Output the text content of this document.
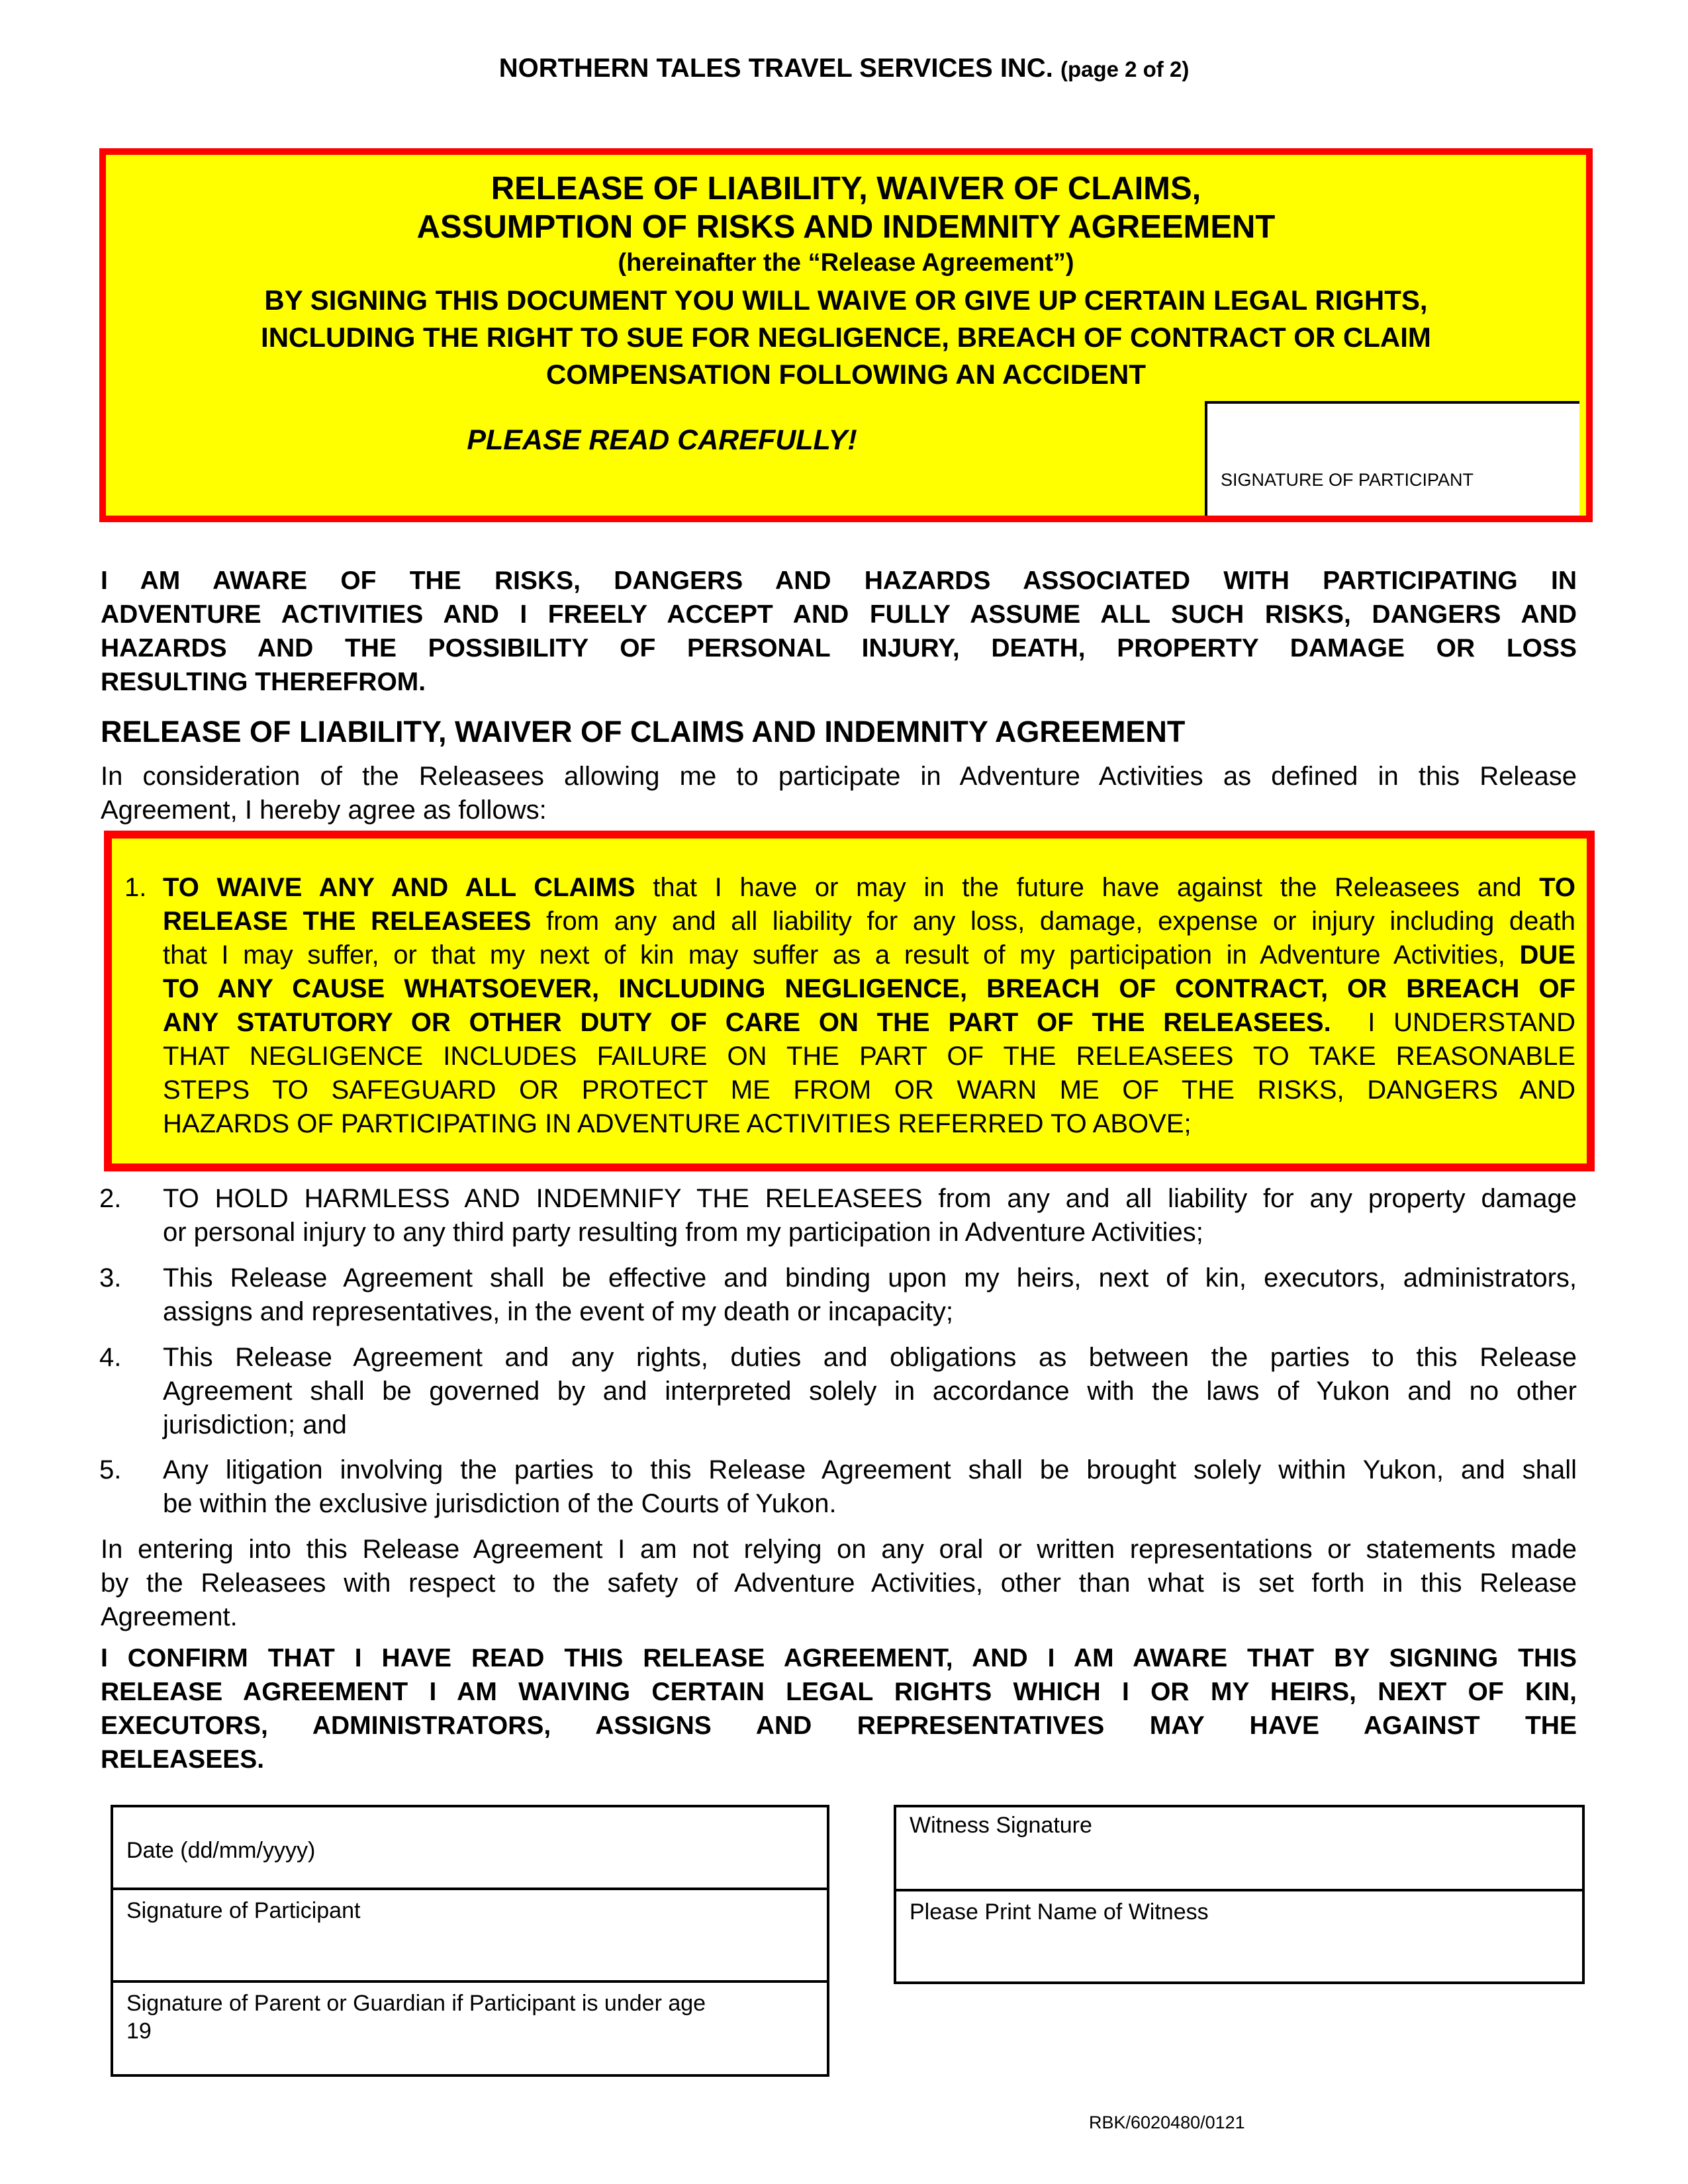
NORTHERN TALES TRAVEL SERVICES INC. (page 2 of 2)
RELEASE OF LIABILITY, WAIVER OF CLAIMS,
ASSUMPTION OF RISKS AND INDEMNITY AGREEMENT
(hereinafter the “Release Agreement”)
BY SIGNING THIS DOCUMENT YOU WILL WAIVE OR GIVE UP CERTAIN LEGAL RIGHTS,
INCLUDING THE RIGHT TO SUE FOR NEGLIGENCE, BREACH OF CONTRACT OR CLAIM
COMPENSATION FOLLOWING AN ACCIDENT
PLEASE READ CAREFULLY!
SIGNATURE OF PARTICIPANT
I AM AWARE OF THE RISKS, DANGERS AND HAZARDS ASSOCIATED WITH PARTICIPATING IN
ADVENTURE ACTIVITIES AND I FREELY ACCEPT AND FULLY ASSUME ALL SUCH RISKS, DANGERS AND
HAZARDS AND THE POSSIBILITY OF PERSONAL INJURY, DEATH, PROPERTY DAMAGE OR LOSS
RESULTING THEREFROM.
RELEASE OF LIABILITY, WAIVER OF CLAIMS AND INDEMNITY AGREEMENT
In consideration of the Releasees allowing me to participate in Adventure Activities as defined in this Release
Agreement, I hereby agree as follows:
1. TO WAIVE ANY AND ALL CLAIMS that I have or may in the future have against the Releasees and TO
RELEASE THE RELEASEES from any and all liability for any loss, damage, expense or injury including death
that I may suffer, or that my next of kin may suffer as a result of my participation in Adventure Activities, DUE
TO ANY CAUSE WHATSOEVER, INCLUDING NEGLIGENCE, BREACH OF CONTRACT, OR BREACH OF
ANY STATUTORY OR OTHER DUTY OF CARE ON THE PART OF THE RELEASEES.  I UNDERSTAND
THAT NEGLIGENCE INCLUDES FAILURE ON THE PART OF THE RELEASEES TO TAKE REASONABLE
STEPS TO SAFEGUARD OR PROTECT ME FROM OR WARN ME OF THE RISKS, DANGERS AND
HAZARDS OF PARTICIPATING IN ADVENTURE ACTIVITIES REFERRED TO ABOVE;
2. TO HOLD HARMLESS AND INDEMNIFY THE RELEASEES from any and all liability for any property damage
or personal injury to any third party resulting from my participation in Adventure Activities;
3. This Release Agreement shall be effective and binding upon my heirs, next of kin, executors, administrators,
assigns and representatives, in the event of my death or incapacity;
4. This Release Agreement and any rights, duties and obligations as between the parties to this Release
Agreement shall be governed by and interpreted solely in accordance with the laws of Yukon and no other
jurisdiction; and
5. Any litigation involving the parties to this Release Agreement shall be brought solely within Yukon, and shall
be within the exclusive jurisdiction of the Courts of Yukon.
In entering into this Release Agreement I am not relying on any oral or written representations or statements made
by the Releasees with respect to the safety of Adventure Activities, other than what is set forth in this Release
Agreement.
I CONFIRM THAT I HAVE READ THIS RELEASE AGREEMENT, AND I AM AWARE THAT BY SIGNING THIS
RELEASE AGREEMENT I AM WAIVING CERTAIN LEGAL RIGHTS WHICH I OR MY HEIRS, NEXT OF KIN,
EXECUTORS, ADMINISTRATORS, ASSIGNS AND REPRESENTATIVES MAY HAVE AGAINST THE
RELEASEES.
Date (dd/mm/yyyy)
Signature of Participant

Signature of Parent or Guardian if Participant is under age
19
Witness Signature
Please Print Name of Witness
RBK/6020480/0121
